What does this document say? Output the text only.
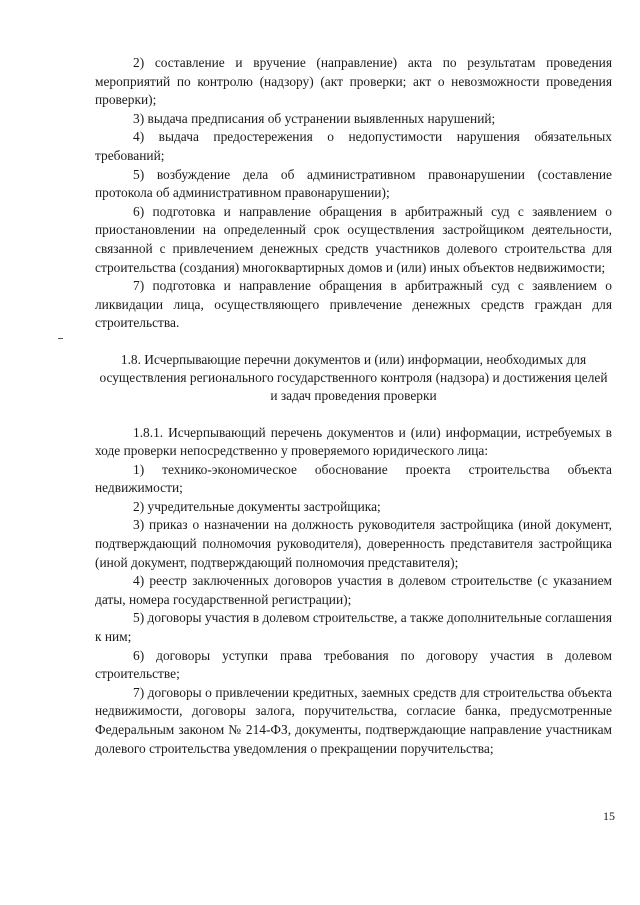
2) составление и вручение (направление) акта по результатам проведения мероприятий по контролю (надзору) (акт проверки; акт о невозможности проведения проверки);

3) выдача предписания об устранении выявленных нарушений;

4) выдача предостережения о недопустимости нарушения обязательных требований;

5) возбуждение дела об административном правонарушении (составление протокола об административном правонарушении);

6) подготовка и направление обращения в арбитражный суд с заявлением о приостановлении на определенный срок осуществления застройщиком деятельности, связанной с привлечением денежных средств участников долевого строительства для строительства (создания) многоквартирных домов и (или) иных объектов недвижимости;

7) подготовка и направление обращения в арбитражный суд с заявлением о ликвидации лица, осуществляющего привлечение денежных средств граждан для строительства.

1.8. Исчерпывающие перечни документов и (или) информации, необходимых для осуществления регионального государственного контроля (надзора) и достижения целей и задач проведения проверки

1.8.1. Исчерпывающий перечень документов и (или) информации, истребуемых в ходе проверки непосредственно у проверяемого юридического лица:

1) технико-экономическое обоснование проекта строительства объекта недвижимости;

2) учредительные документы застройщика;

3) приказ о назначении на должность руководителя застройщика (иной документ, подтверждающий полномочия руководителя), доверенность представителя застройщика (иной документ, подтверждающий полномочия представителя);

4) реестр заключенных договоров участия в долевом строительстве (с указанием даты, номера государственной регистрации);

5) договоры участия в долевом строительстве, а также дополнительные соглашения к ним;

6) договоры уступки права требования по договору участия в долевом строительстве;

7) договоры о привлечении кредитных, заемных средств для строительства объекта недвижимости, договоры залога, поручительства, согласие банка, предусмотренные Федеральным законом № 214-ФЗ, документы, подтверждающие направление участникам долевого строительства уведомления о прекращении поручительства;

15
